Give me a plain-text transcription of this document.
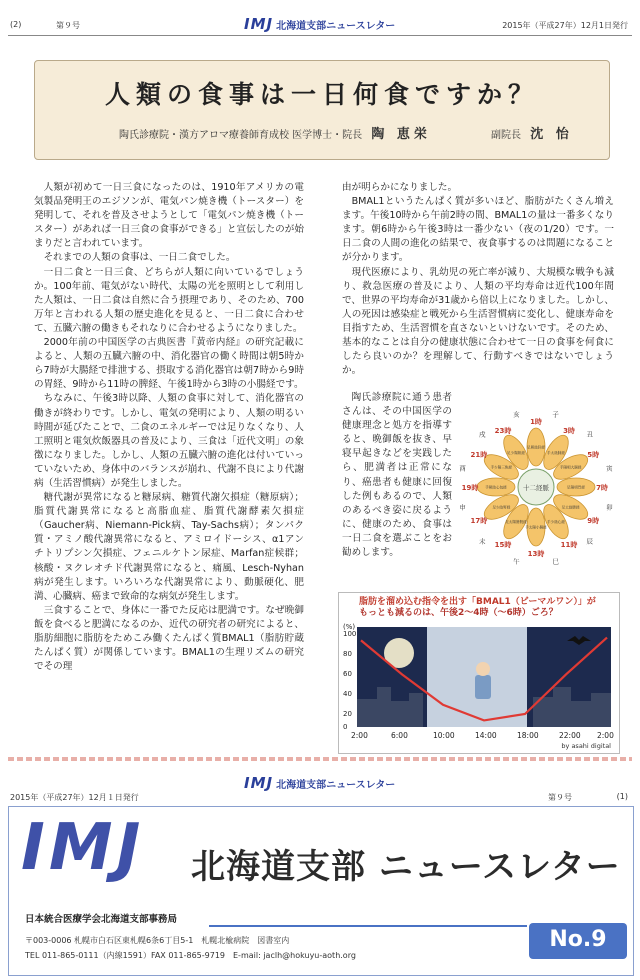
(2)	第９号	IMJ 北海道支部ニュースレター	2015年（平成27年）12月1日発行
人類の食事は一日何食ですか？
陶氏診療院・漢方アロマ療養師育成校 医学博士・院長 陶 恵栄	副院長 沈 怡

人類が初めて一日三食になったのは、1910年アメリカの電気製品発明王のエジソンが、電気パン焼き機（トースター）を発明して、それを普及させようとして「電気パン焼き機（トースター）があれば一日三食の食事ができる」と宣伝したのが始まりだと言われています。

それまでの人類の食事は、一日二食でした。

一日二食と一日三食、どちらが人類に向いているでしょうか。100年前、電気がない時代、太陽の光を照明として利用した人類は、一日二食は自然に合う摂理であり、そのため、700万年と言われる人類の歴史進化を見ると、一日二食に合わせて、五臓六腑の働きもそれなりに合わせるようになりました。

2000年前の中国医学の古典医書『黄帝内経』の研究記載によると、人類の五臓六腑の中、消化器官の働く時間は朝5時から7時が大腸経で排泄する、摂取する消化器官は朝7時から9時の胃経、9時から11時の脾経、午後1時から3時の小腸経です。

ちなみに、午後3時以降、人類の食事に対して、消化器官の働きが終わりです。しかし、電気の発明により、人類の明るい時間が延びたことで、二食のエネルギーでは足りなくなり、人工照明と電気炊飯器具の普及により、三食は「近代文明」の象徴になりました。しかし、人類の五臓六腑の進化は付いていっていないため、身体中のバランスが崩れ、代謝不良により代謝病（生活習慣病）が発生しました。

糖代謝が異常になると糖尿病、糖質代謝欠損症（糖原病）；脂質代謝異常になると高脂血症、脂質代謝酵素欠損症（Gaucher病、Niemann-Pick病、Tay-Sachs病）；タンパク質・アミノ酸代謝異常になると、アミロイドーシス、α1アンチトリプシン欠損症、フェニルケトン尿症、Marfan症候群；核酸・ヌクレオチド代謝異常になると、痛風、Lesch-Nyhan病が発生します。いろいろな代謝異常により、動脈硬化、肥満、心臓病、癌まで致命的な病気が発生します。

三食することで、身体に一番でた反応は肥満です。なぜ晩御飯を食べると肥満になるのか、近代の研究者の研究によると、脂肪細胞に脂肪をためこみ働くたんぱく質BMAL1（脂肪貯蔵たんぱく質）が関係しています。BMAL1の生理リズムの研究でその理

由が明らかになりました。

BMAL1というたんぱく質が多いほど、脂肪がたくさん増えます。午後10時から午前2時の間、BMAL1の量は一番多くなります。朝6時から午後3時は一番少ない（夜の1/20）です。一日二食の人間の進化の結果で、夜食事するのは問題になることが分かります。

現代医療により、乳幼児の死亡率が減り、大規模な戦争も減り、救急医療の普及により、人類の平均寿命は近代100年間で、世界の平均寿命が31歳から倍以上になりました。しかし、人の死因は感染症と戦死から生活習慣病に変化し、健康寿命を目指すため、生活習慣を直さないといけないです。そのため、基本的なことは自分の健康状態に合わせて一日の食事を何食にしたら良いのか？を理解して、行動すべきではないでしょうか。

陶氏診療院に通う患者さんは、その中国医学の健康理念と処方を指導すると、晩御飯を抜き、早寝早起きなどを実践したら、肥満者は正常になり、癌患者も健康に回復した例もあるので、人類のあるべき姿に戻るように、健康のため、食事は一日二食を選ぶことをお勧めします。

足厥陰肝経
1時
子
手太陰肺経
3時 丑
手陽明大腸経
5時
寅
足陽明胃経 7時
卯
足太陰脾経
9時
辰
手少陰心経
11時
巳
手太陽小腸経
13時
午
足太陽膀胱経
15時
未
足少陰腎経
17時
申
手厥陰心包経
19時
酉	手少陽三焦経
21時
戌
足少陽胆経
23時
亥
十二経脈
脂肪を溜め込む指令を出す「BMAL1（ビーマルワン）」が
もっとも減るのは、午後2〜4時（〜6時）ごろ？
(%)
100
80
60
40
20
0
2:00	6:00	10:00	14:00	18:00	22:00 2:00
by asahi digital
2015年（平成27年）12月１日発行
IMJ 北海道支部ニュースレター
第９号	(1)
IMJ 北海道支部 ニュースレター
日本統合医療学会北海道支部事務局
〒003-0006 札幌市白石区東札幌6条6丁目5-1　札幌北楡病院　図書室内
TEL 011-865-0111（内線1591）FAX 011-865-9719　E-mail: jaclh@hokuyu-aoth.org
No.9
